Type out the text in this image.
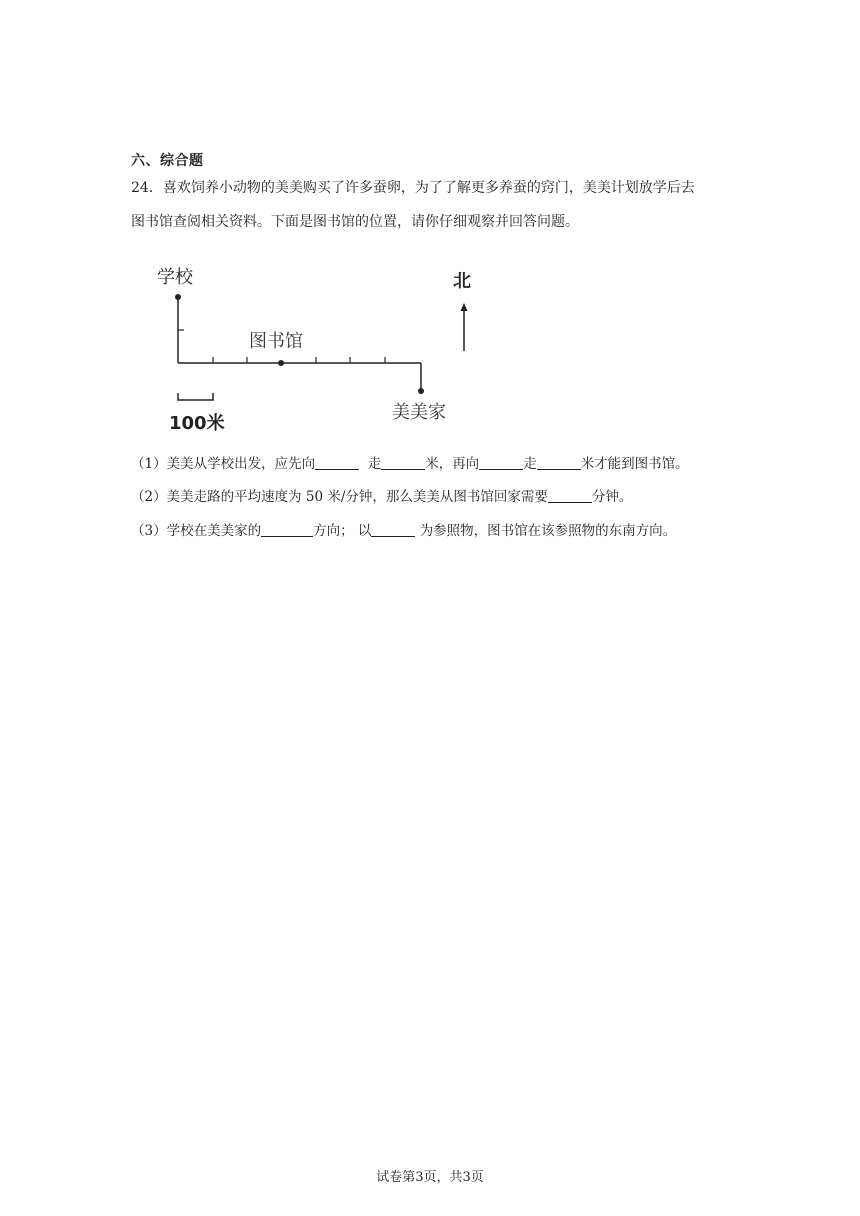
六、综合题
24．喜欢饲养小动物的美美购买了许多蚕卵，为了了解更多养蚕的窍门，美美计划放学后去
图书馆查阅相关资料。下面是图书馆的位置，请你仔细观察并回答问题。
学校
图书馆
美美家
北
100米
（1）美美从学校出发，应先向	走	米，再向	走	米才能到图书馆。
（2）美美走路的平均速度为 50 米/分钟，那么美美从图书馆回家需要	分钟。
（3）学校在美美家的	方向； 以	为参照物，图书馆在该参照物的东南方向。
试卷第3页，共3页
